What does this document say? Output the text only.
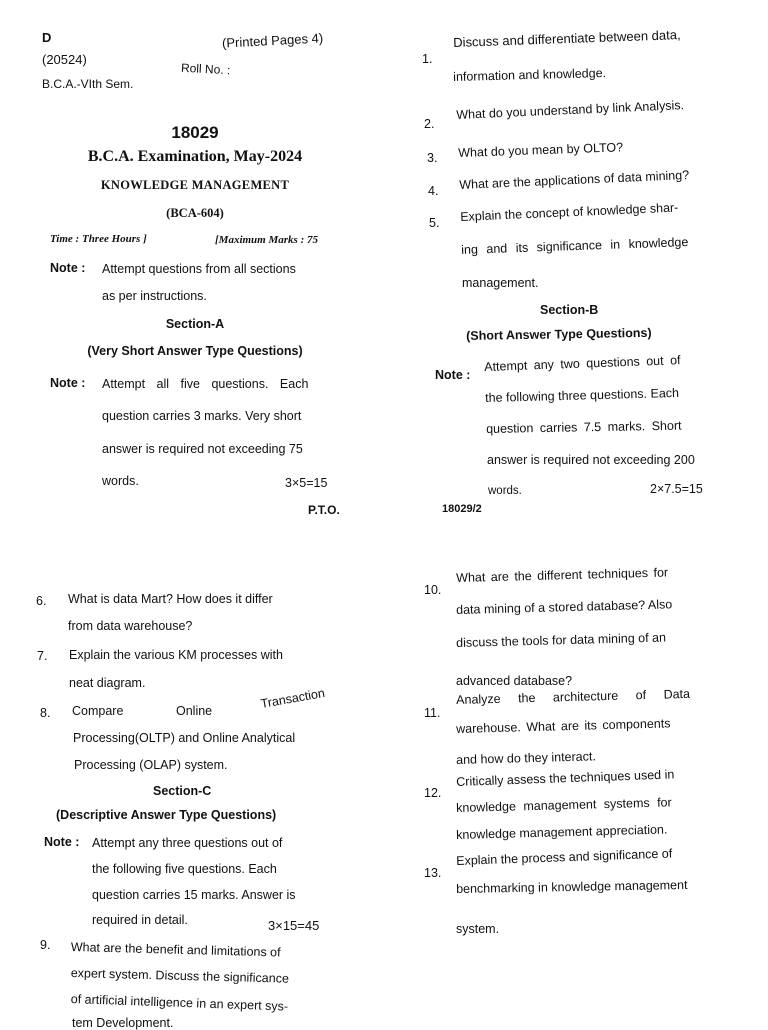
D
(20524)
(Printed Pages 4)
Roll No. :
B.C.A.-VIth Sem.
18029
B.C.A. Examination, May-2024
KNOWLEDGE MANAGEMENT
(BCA-604)
Time : Three Hours ]	[Maximum Marks : 75
Note : Attempt questions from all sections
as per instructions.
Section-A
(Very Short Answer Type Questions)
Note : Attempt all five questions. Each
question carries 3 marks. Very short
answer is required not exceeding 75
words.	3×5=15
P.T.O.
1.
Discuss and differentiate between data,
information and knowledge.
2.
What do you understand by link Analysis.
3. What do you mean by OLTO?
4. What are the applications of data mining?
5. Explain the concept of knowledge shar-
ing and its significance in knowledge
management.
Section-B
(Short Answer Type Questions)
Note :
Attempt any two questions out of
the following three questions. Each
question carries 7.5 marks. Short
answer is required not exceeding 200
words.	2×7.5=15
18029/2
6. What is data Mart? How does it differ
from data warehouse?
7. Explain the various KM processes with
neat diagram.
8. Compare	Online	Transaction
Processing(OLTP) and Online Analytical
Processing (OLAP) system.
Section-C
(Descriptive Answer Type Questions)
Note : Attempt any three questions out of
the following five questions. Each
question carries 15 marks. Answer is
required in detail.	3×15=45
9. What are the benefit and limitations of
expert system. Discuss the significance
of artificial intelligence in an expert sys-
tem Development.
10.
What are the different techniques for
data mining of a stored database? Also
discuss the tools for data mining of an
advanced database?
11.
Analyze the architecture of Data
warehouse. What are its components
and how do they interact.
12.
Critically assess the techniques used in
knowledge management systems for
knowledge management appreciation.
13.
Explain the process and significance of
benchmarking in knowledge management
system.
